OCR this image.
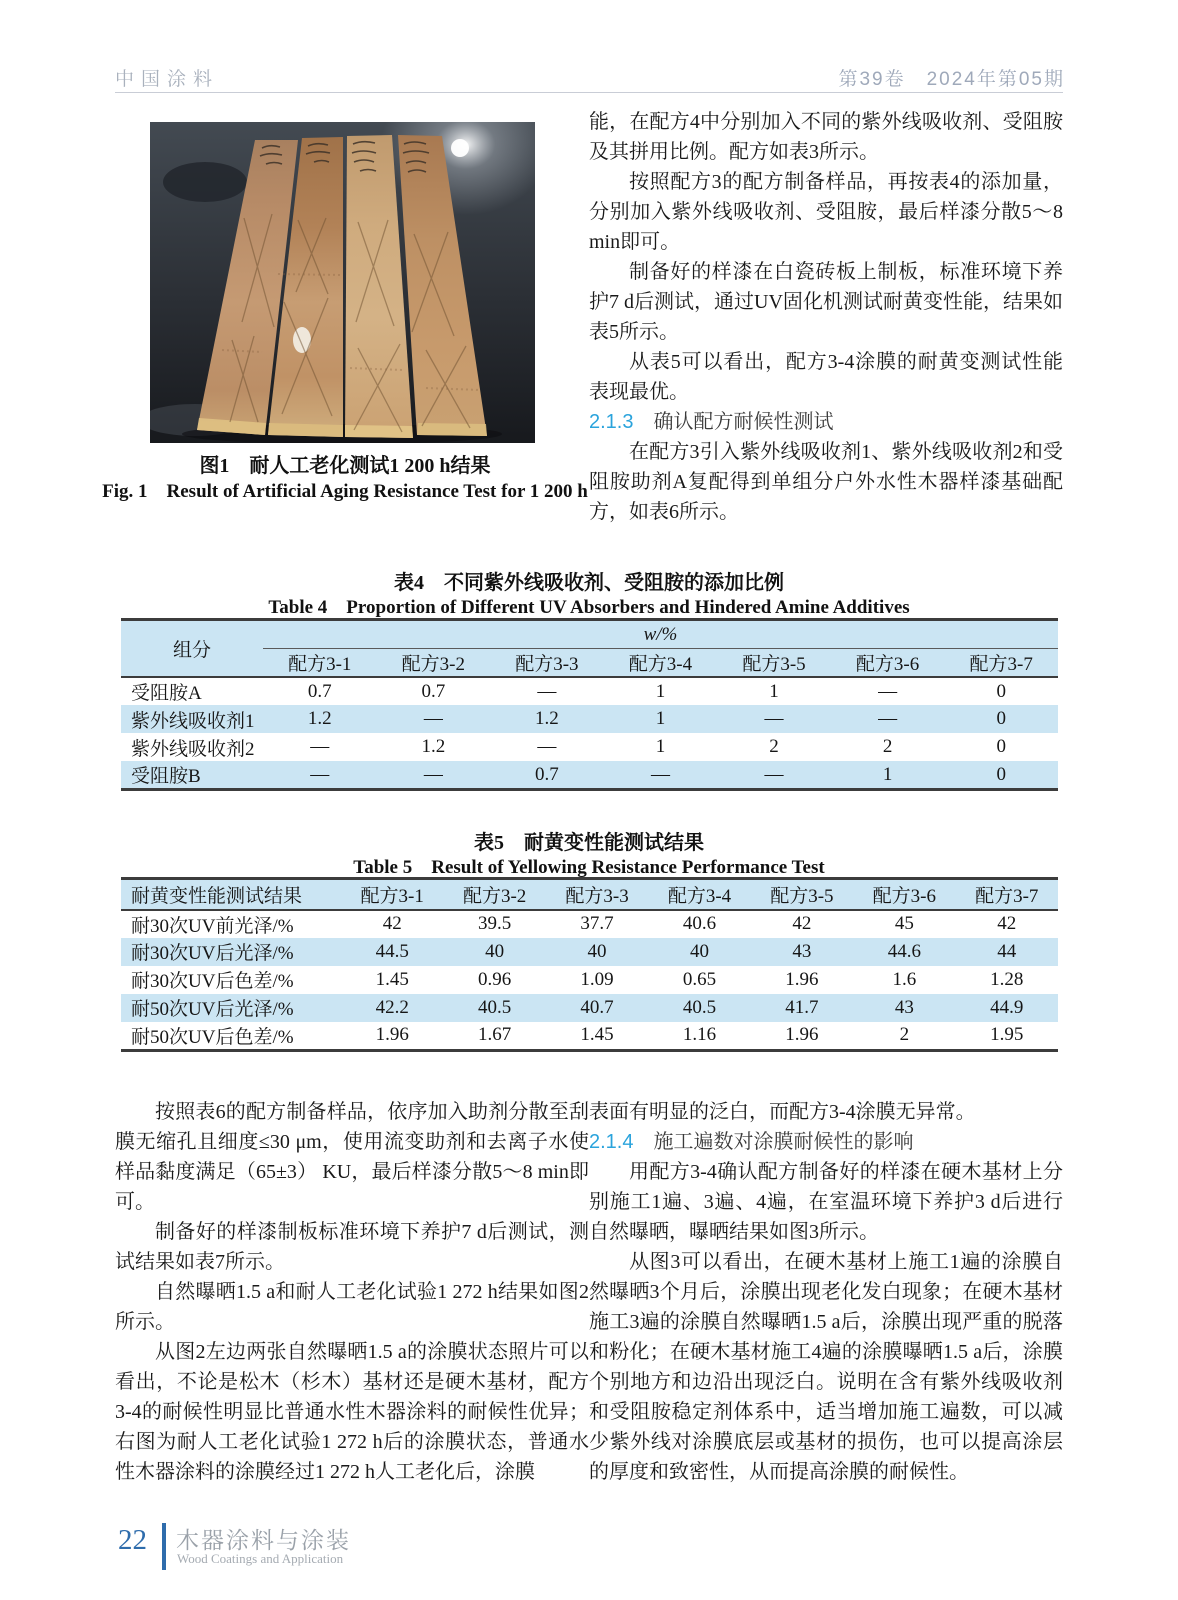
中国涂料	第39卷　2024年第05期
图1　耐人工老化测试1 200 h结果
Fig. 1　Result of Artificial Aging Resistance Test for 1 200 h

能，在配方4中分别加入不同的紫外线吸收剂、受阻胺及其拼用比例。配方如表3所示。

按照配方3的配方制备样品，再按表4的添加量，分别加入紫外线吸收剂、受阻胺，最后样漆分散5～8 min即可。

制备好的样漆在白瓷砖板上制板，标准环境下养护7 d后测试，通过UV固化机测试耐黄变性能，结果如表5所示。

从表5可以看出，配方3-4涂膜的耐黄变测试性能表现最优。

2.1.3 确认配方耐候性测试

在配方3引入紫外线吸收剂1、紫外线吸收剂2和受阻胺助剂A复配得到单组分户外水性木器样漆基础配方，如表6所示。

表4　不同紫外线吸收剂、受阻胺的添加比例
Table 4　Proportion of Different UV Absorbers and Hindered Amine Additives
组分	w/%						
	配方3-1	配方3-2	配方3-3	配方3-4	配方3-5	配方3-6	配方3-7
受阻胺A	0.7	0.7	—	1	1	—	0
紫外线吸收剂1	1.2	—	1.2	1	—	—	0
紫外线吸收剂2	—	1.2	—	1	2	2	0
受阻胺B	—	—	0.7	—	—	1	0
表5　耐黄变性能测试结果
Table 5　Result of Yellowing Resistance Performance Test
耐黄变性能测试结果	配方3-1	配方3-2	配方3-3	配方3-4	配方3-5	配方3-6	配方3-7
耐30次UV前光泽/%	42	39.5	37.7	40.6	42	45	42
耐30次UV后光泽/%	44.5	40	40	40	43	44.6	44
耐30次UV后色差/%	1.45	0.96	1.09	0.65	1.96	1.6	1.28
耐50次UV后光泽/%	42.2	40.5	40.7	40.5	41.7	43	44.9
耐50次UV后色差/%	1.96	1.67	1.45	1.16	1.96	2	1.95

按照表6的配方制备样品，依序加入助剂分散至刮膜无缩孔且细度≤30 μm，使用流变助剂和去离子水使样品黏度满足（65±3） KU，最后样漆分散5～8 min即可。

制备好的样漆制板标准环境下养护7 d后测试，测试结果如表7所示。

自然曝晒1.5 a和耐人工老化试验1 272 h结果如图2所示。

从图2左边两张自然曝晒1.5 a的涂膜状态照片可以看出，不论是松木（杉木）基材还是硬木基材，配方3-4的耐候性明显比普通水性木器涂料的耐候性优异；右图为耐人工老化试验1 272 h后的涂膜状态，普通水性木器涂料的涂膜经过1 272 h人工老化后，涂膜

表面有明显的泛白，而配方3-4涂膜无异常。

2.1.4 施工遍数对涂膜耐候性的影响

用配方3-4确认配方制备好的样漆在硬木基材上分别施工1遍、3遍、4遍，在室温环境下养护3 d后进行自然曝晒，曝晒结果如图3所示。

从图3可以看出，在硬木基材上施工1遍的涂膜自然曝晒3个月后，涂膜出现老化发白现象；在硬木基材施工3遍的涂膜自然曝晒1.5 a后，涂膜出现严重的脱落和粉化；在硬木基材施工4遍的涂膜曝晒1.5 a后，涂膜个别地方和边沿出现泛白。说明在含有紫外线吸收剂和受阻胺稳定剂体系中，适当增加施工遍数，可以减少紫外线对涂膜底层或基材的损伤，也可以提高涂层的厚度和致密性，从而提高涂膜的耐候性。

22 木器涂料与涂装
Wood Coatings and Application
